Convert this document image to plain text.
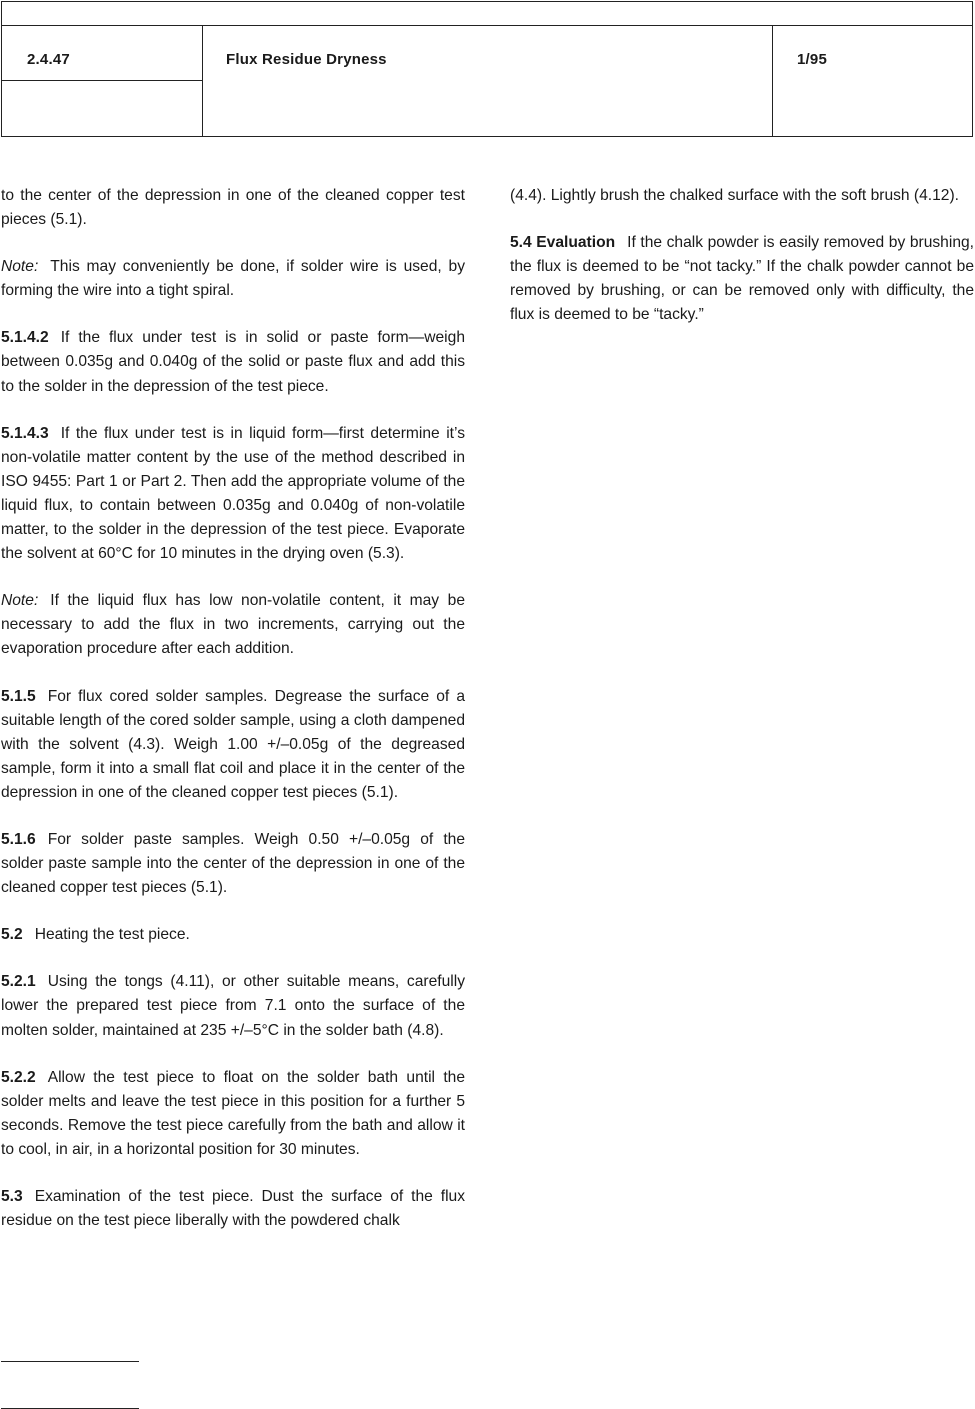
2.4.47	Flux Residue Dryness	1/95

to the center of the depression in one of the cleaned copper test pieces (5.1).

Note: This may conveniently be done, if solder wire is used, by forming the wire into a tight spiral.

5.1.4.2 If the flux under test is in solid or paste form—weigh between 0.035g and 0.040g of the solid or paste flux and add this to the solder in the depression of the test piece.

5.1.4.3 If the flux under test is in liquid form—first determine it’s non-volatile matter content by the use of the method described in ISO 9455: Part 1 or Part 2. Then add the appropriate volume of the liquid flux, to contain between 0.035g and 0.040g of non-volatile matter, to the solder in the depression of the test piece. Evaporate the solvent at 60°C for 10 minutes in the drying oven (5.3).

Note: If the liquid flux has low non-volatile content, it may be necessary to add the flux in two increments, carrying out the evaporation procedure after each addition.

5.1.5 For flux cored solder samples. Degrease the surface of a suitable length of the cored solder sample, using a cloth dampened with the solvent (4.3). Weigh 1.00 +/–0.05g of the degreased sample, form it into a small flat coil and place it in the center of the depression in one of the cleaned copper test pieces (5.1).

5.1.6 For solder paste samples. Weigh 0.50 +/–0.05g of the solder paste sample into the center of the depression in one of the cleaned copper test pieces (5.1).

5.2 Heating the test piece.

5.2.1 Using the tongs (4.11), or other suitable means, carefully lower the prepared test piece from 7.1 onto the surface of the molten solder, maintained at 235 +/–5°C in the solder bath (4.8).

5.2.2 Allow the test piece to float on the solder bath until the solder melts and leave the test piece in this position for a further 5 seconds. Remove the test piece carefully from the bath and allow it to cool, in air, in a horizontal position for 30 minutes.

5.3 Examination of the test piece. Dust the surface of the flux residue on the test piece liberally with the powdered chalk

(4.4). Lightly brush the chalked surface with the soft brush (4.12).

5.4 Evaluation If the chalk powder is easily removed by brushing, the flux is deemed to be “not tacky.” If the chalk powder cannot be removed by brushing, or can be removed only with difficulty, the flux is deemed to be “tacky.”
